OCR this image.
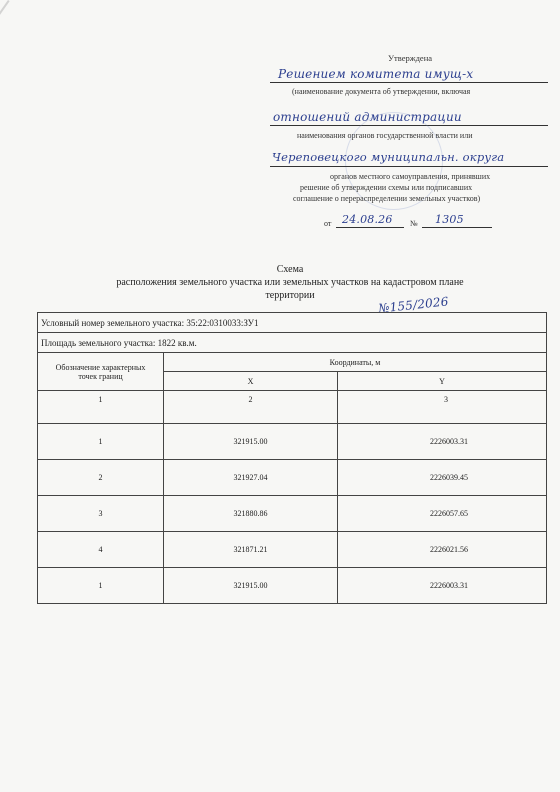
Утверждена
Решением комитета имущ-х
(наименование документа об утверждении, включая
отношений администрации
наименования органов государственной власти или
Череповецкого муниципальн. округа
органов местного самоуправления, принявших
решение об утверждении схемы или подписавших
соглашение о перераспределении земельных участков)
от 24.08.26 № 1305
Схема
расположения земельного участка или земельных участков на кадастровом плане
территории	№155/2026
Условный номер земельного участка: 35:22:0310033:ЗУ1		
Площадь земельного участка: 1822 кв.м.		
Обозначение характерных точек границ	Координаты, м	
	X	Y
1	2	3
1	321915.00	2226003.31
2	321927.04	2226039.45
3	321880.86	2226057.65
4	321871.21	2226021.56
1	321915.00	2226003.31
